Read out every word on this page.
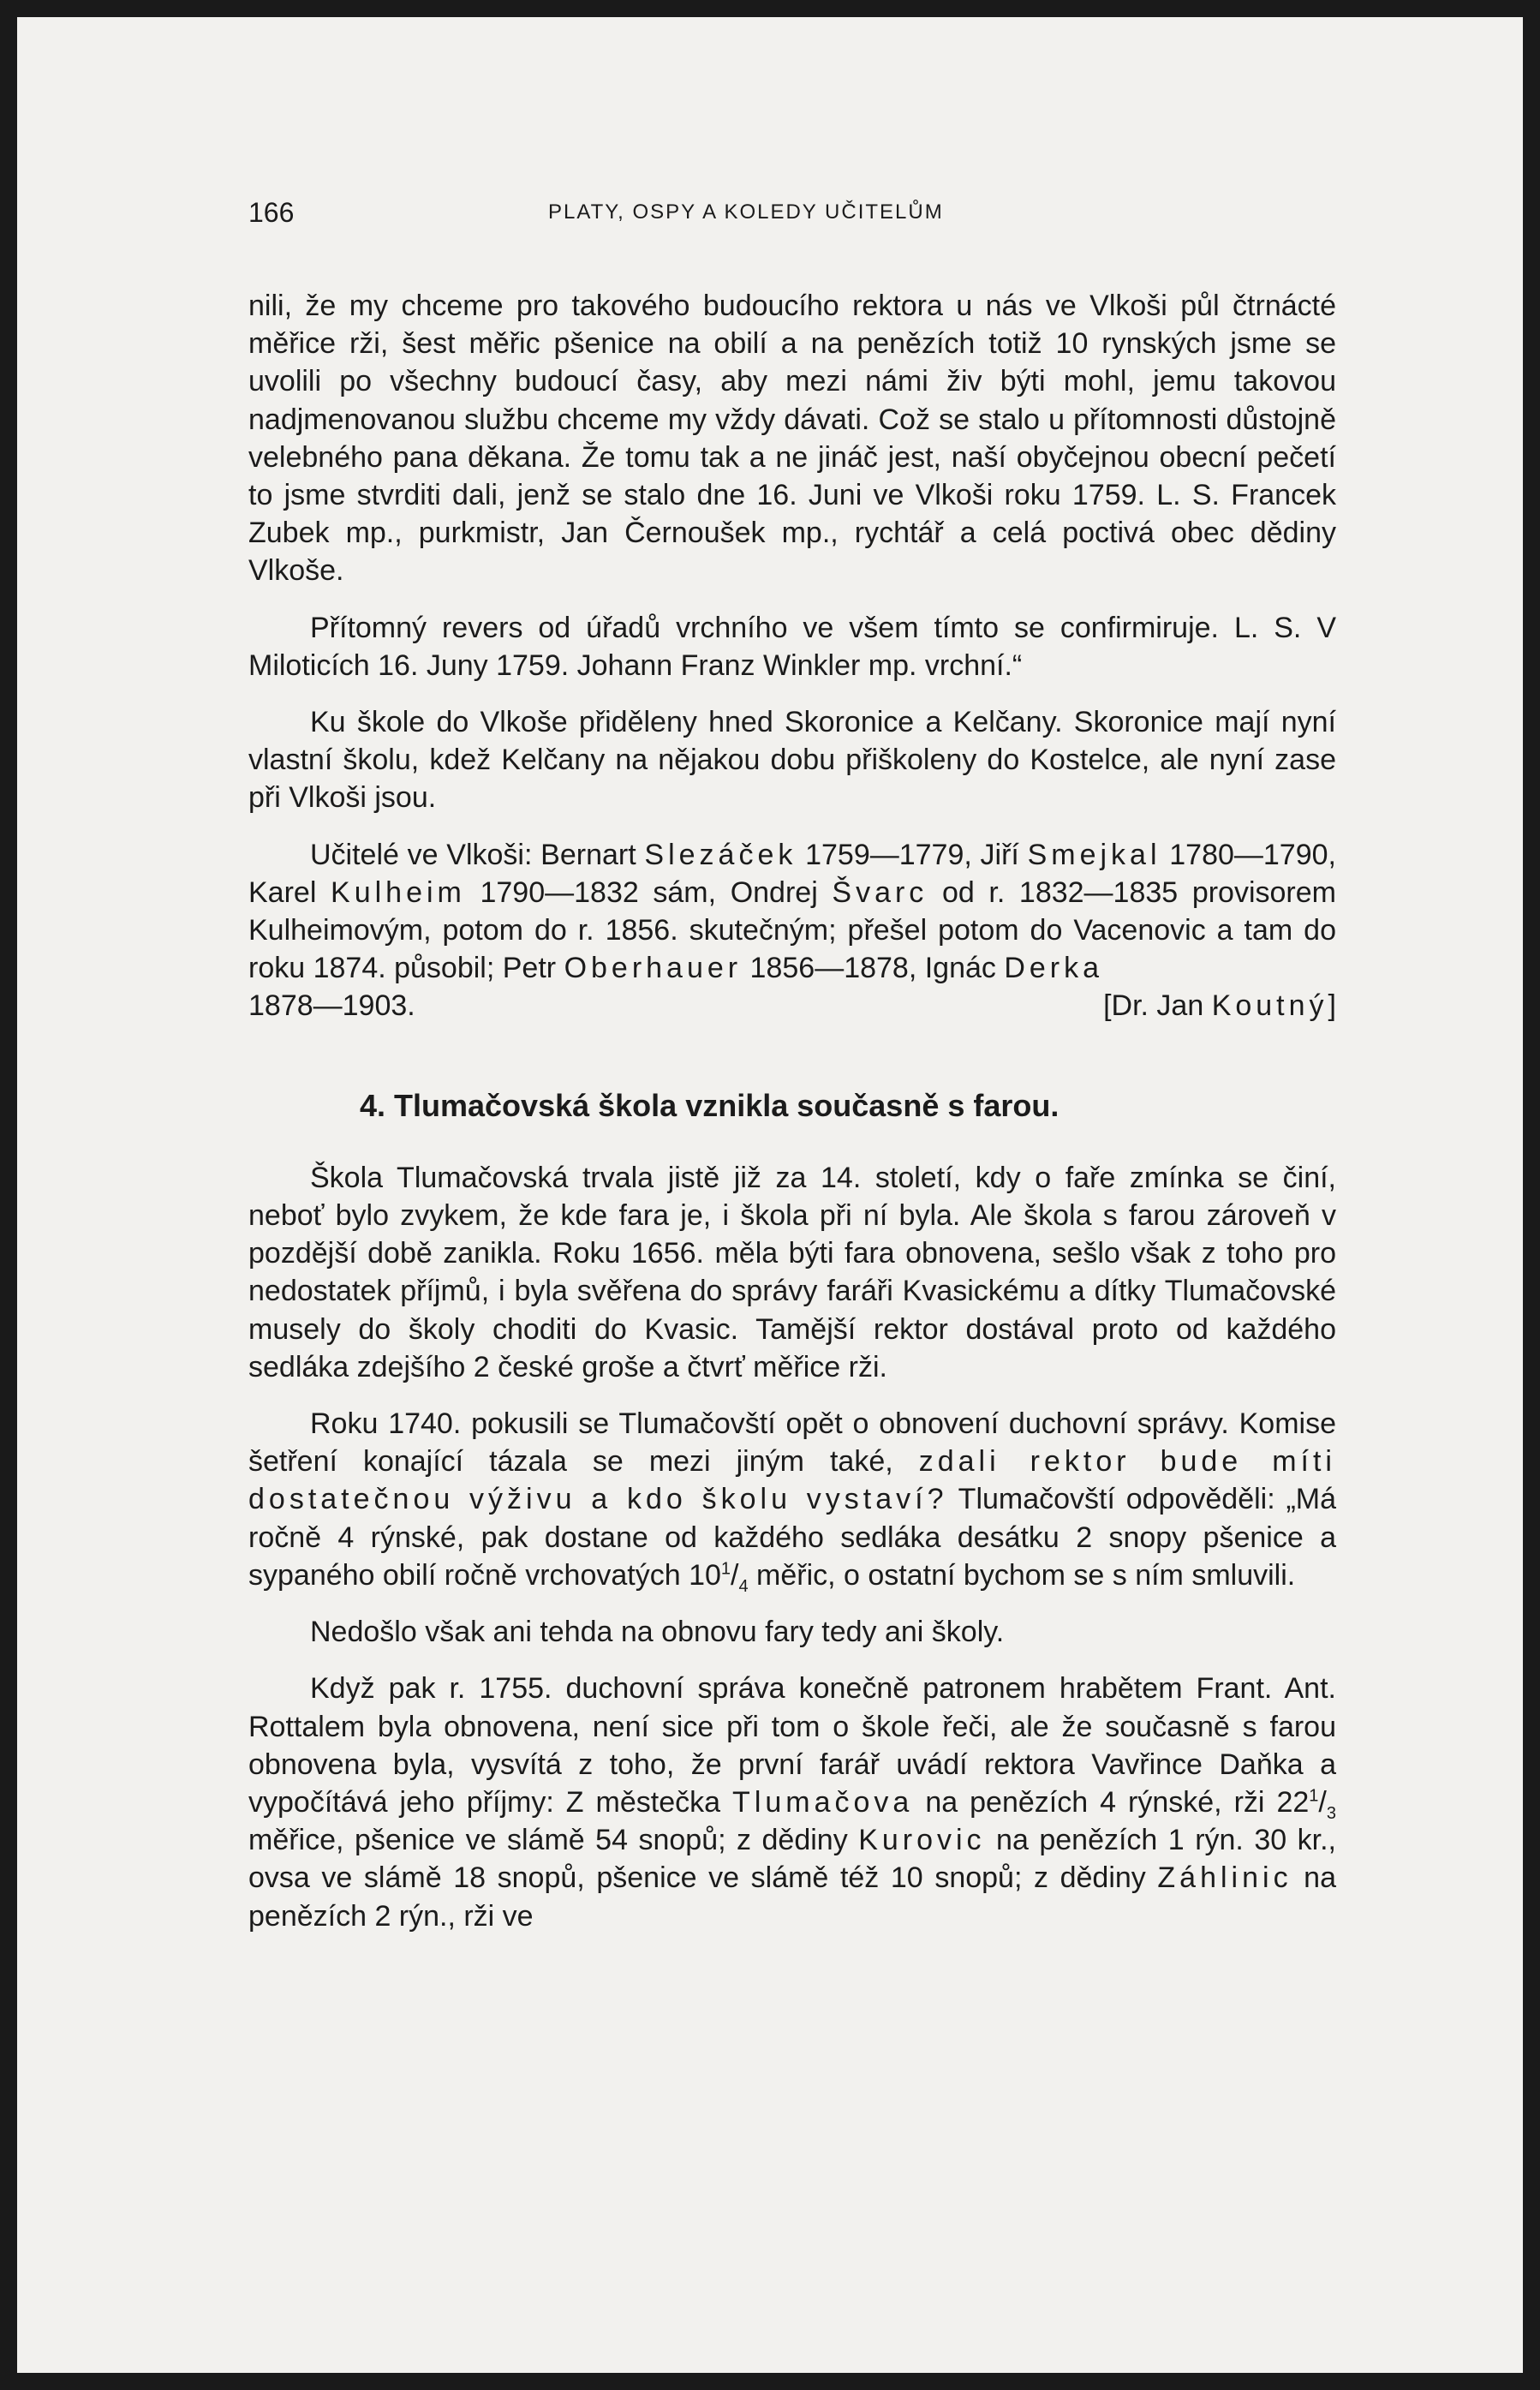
166	PLATY, OSPY A KOLEDY UČITELŮM

nili, že my chceme pro takového budoucího rektora u nás ve Vlkoši půl čtrnácté měřice rži, šest měřic pšenice na obilí a na penězích totiž 10 rynských jsme se uvolili po všechny budoucí časy, aby mezi námi živ býti mohl, jemu takovou nadjmenovanou službu chceme my vždy dávati. Což se stalo u přítomnosti důstojně velebného pana děkana. Že tomu tak a ne jináč jest, naší obyčejnou obecní pečetí to jsme stvrditi dali, jenž se stalo dne 16. Juni ve Vlkoši roku 1759. L. S. Francek Zubek mp., purkmistr, Jan Černoušek mp., rychtář a celá poctivá obec dědiny Vlkoše.

Přítomný revers od úřadů vrchního ve všem tímto se confirmiruje. L. S. V Miloticích 16. Juny 1759. Johann Franz Winkler mp. vrchní.“

Ku škole do Vlkoše přiděleny hned Skoronice a Kelčany. Skoronice mají nyní vlastní školu, kdež Kelčany na nějakou dobu přiškoleny do Kostelce, ale nyní zase při Vlkoši jsou.

Učitelé ve Vlkoši: Bernart Slezáček 1759—1779, Jiří Smejkal 1780—1790, Karel Kulheim 1790—1832 sám, Ondrej Švarc od r. 1832—1835 provisorem Kulheimovým, potom do r. 1856. skutečným; přešel potom do Vacenovic a tam do roku 1874. působil; Petr Oberhauer 1856—1878, Ignác Derka

1878—1903.	[Dr. Jan Koutný]
4. Tlumačovská škola vznikla současně s farou.

Škola Tlumačovská trvala jistě již za 14. století, kdy o faře zmínka se činí, neboť bylo zvykem, že kde fara je, i škola při ní byla. Ale škola s farou zároveň v pozdější době zanikla. Roku 1656. měla býti fara obnovena, sešlo však z toho pro nedostatek příjmů, i byla svěřena do správy faráři Kvasickému a dítky Tlumačovské musely do školy choditi do Kvasic. Tamější rektor dostával proto od každého sedláka zdejšího 2 české groše a čtvrť měřice rži.

Roku 1740. pokusili se Tlumačovští opět o obnovení duchovní správy. Komise šetření konající tázala se mezi jiným také, zdali rektor bude míti dostatečnou výživu a kdo školu vystaví? Tlumačovští odpověděli: „Má ročně 4 rýnské, pak dostane od každého sedláka desátku 2 snopy pšenice a sypaného obilí ročně vrchovatých $10^1/_4$ měřic, o ostatní bychom se s ním smluvili.

Nedošlo však ani tehda na obnovu fary tedy ani školy.

Když pak r. 1755. duchovní správa konečně patronem hrabětem Frant. Ant. Rottalem byla obnovena, není sice při tom o škole řeči, ale že současně s farou obnovena byla, vysvítá z toho, že první farář uvádí rektora Vavřince Daňka a vypočítává jeho příjmy: Z městečka Tlumačova na penězích 4 rýnské, rži $22^1/_3$ měřice, pšenice ve slámě 54 snopů; z dědiny Kurovic na penězích 1 rýn. 30 kr., ovsa ve slámě 18 snopů, pšenice ve slámě též 10 snopů; z dědiny Záhlinic na penězích 2 rýn., rži ve
